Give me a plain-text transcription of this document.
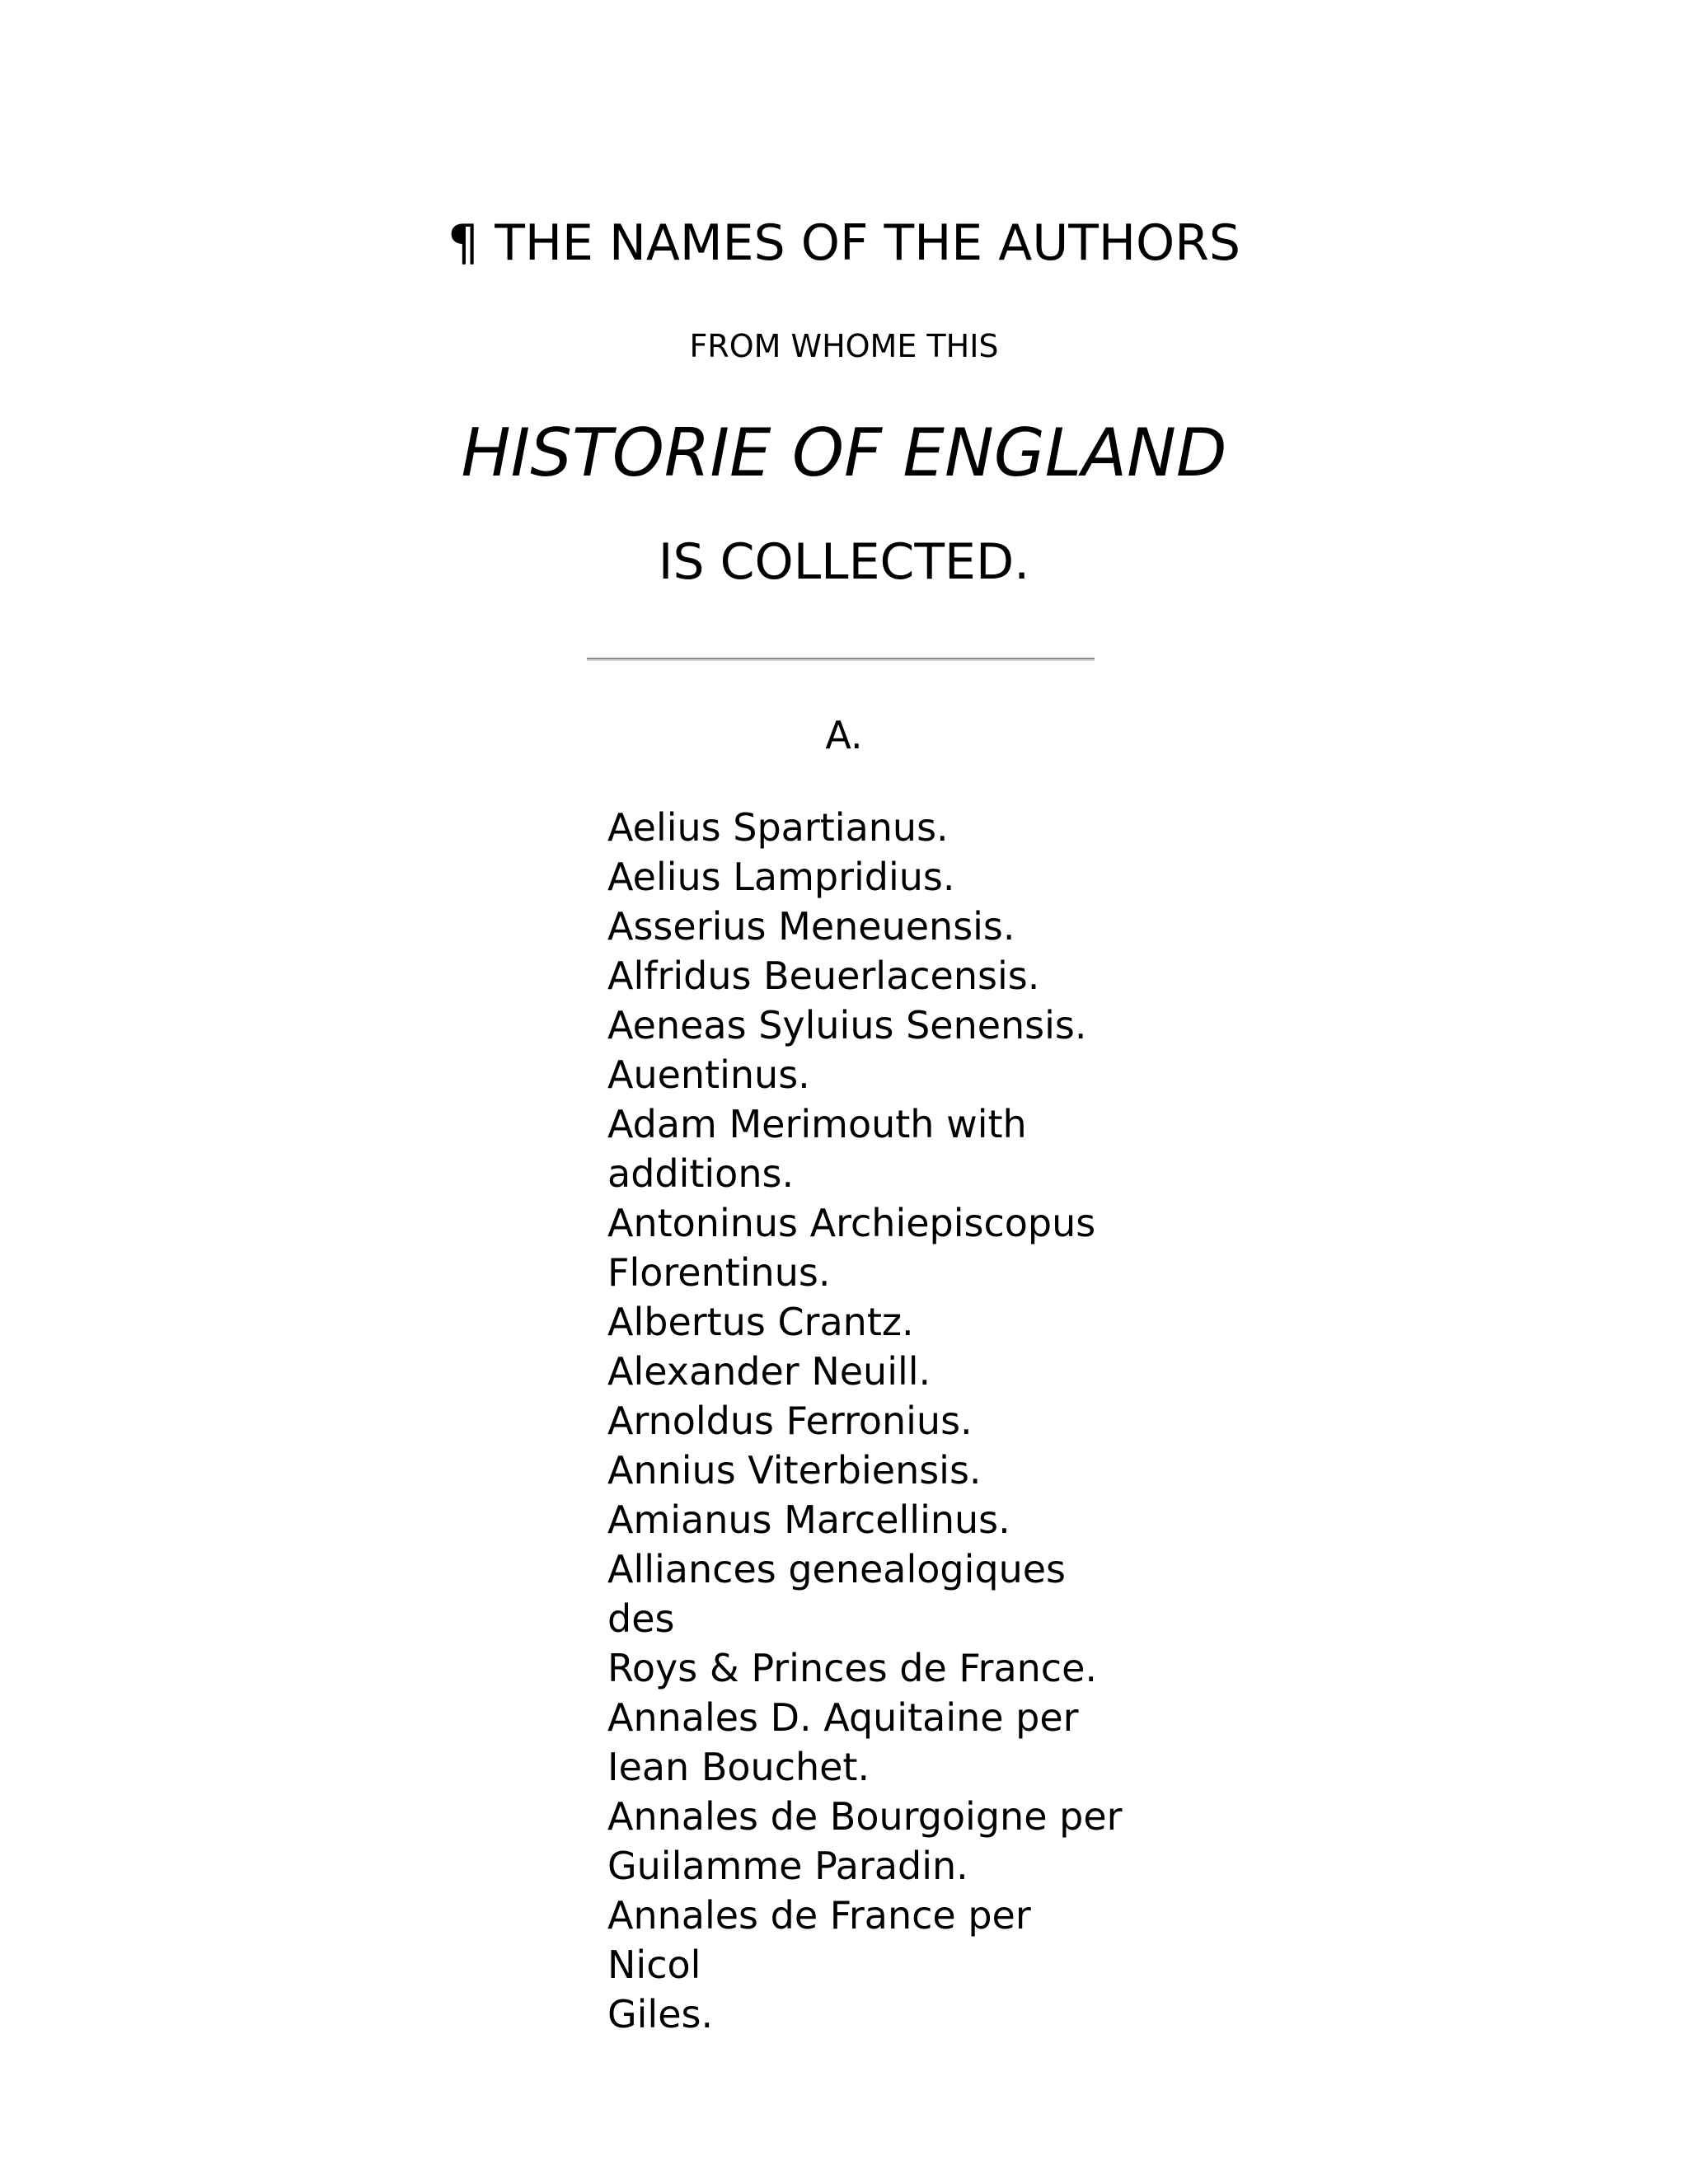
¶ THE NAMES OF THE AUTHORS
FROM WHOME THIS
HISTORIE OF ENGLAND
IS COLLECTED.
A.
Aelius Spartianus.
Aelius Lampridius.
Asserius Meneuensis.
Alfridus Beuerlacensis.
Aeneas Syluius Senensis.
Auentinus.
Adam Merimouth with
additions.
Antoninus Archiepiscopus
Florentinus.
Albertus Crantz.
Alexander Neuill.
Arnoldus Ferronius.
Annius Viterbiensis.
Amianus Marcellinus.
Alliances genealogiques des
Roys & Princes de France.
Annales D. Aquitaine per
Iean Bouchet.
Annales de Bourgoigne per
Guilamme Paradin.
Annales de France per Nicol
Giles.
